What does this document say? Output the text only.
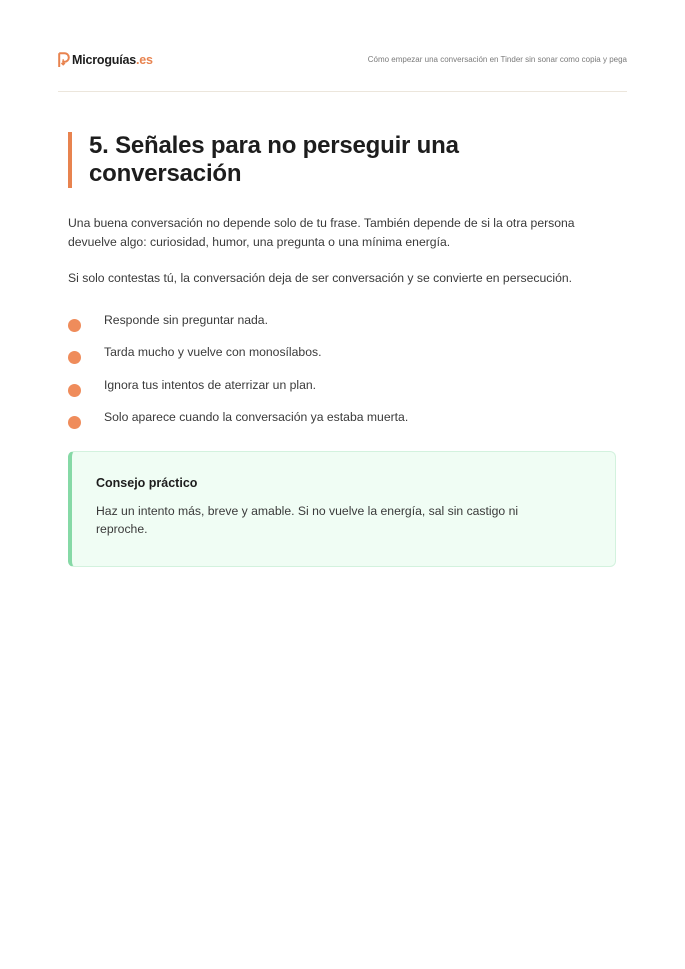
Microguías.es	Cómo empezar una conversación en Tinder sin sonar como copia y pega
5. Señales para no perseguir una conversación

Una buena conversación no depende solo de tu frase. También depende de si la otra persona devuelve algo: curiosidad, humor, una pregunta o una mínima energía.

Si solo contestas tú, la conversación deja de ser conversación y se convierte en persecución.

Responde sin preguntar nada.
Tarda mucho y vuelve con monosílabos.
Ignora tus intentos de aterrizar un plan.
Solo aparece cuando la conversación ya estaba muerta.
Consejo práctico

Haz un intento más, breve y amable. Si no vuelve la energía, sal sin castigo ni reproche.
